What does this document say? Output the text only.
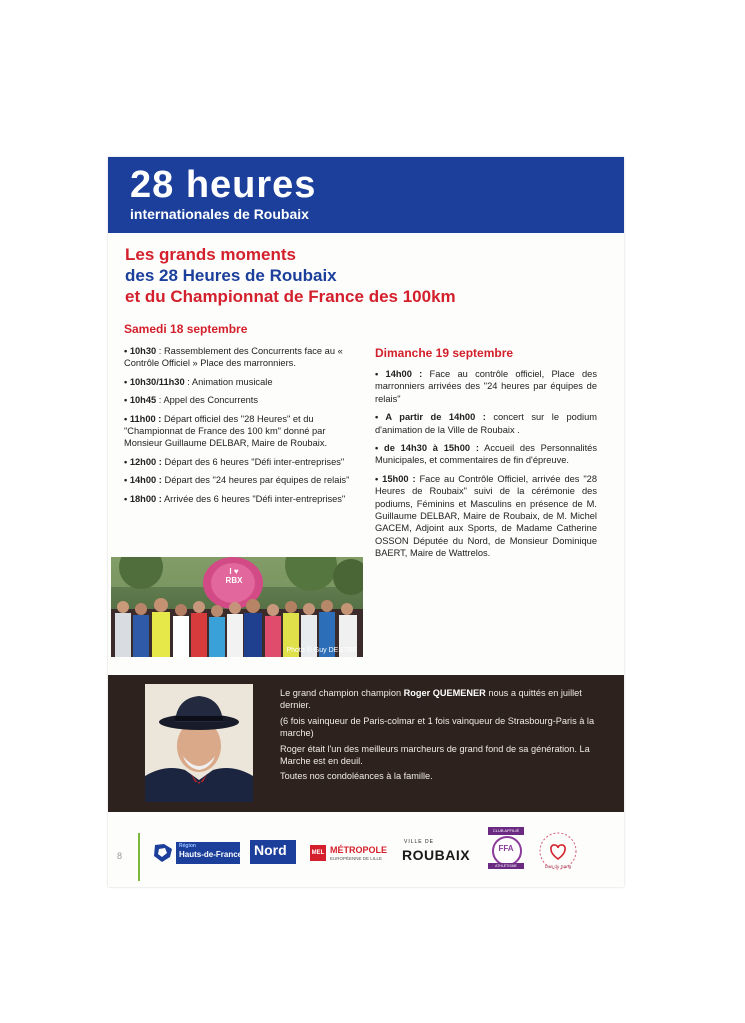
28 heures
internationales de Roubaix
Les grands moments
des 28 Heures de Roubaix
et du Championnat de France des 100km
Samedi 18 septembre
• 10h30 : Rassemblement des Concurrents face au « Contrôle Officiel » Place des marronniers.
• 10h30/11h30 : Animation musicale
• 10h45 : Appel des Concurrents
• 11h00 : Départ officiel des "28 Heures" et du "Championnat de France des 100 km" donné par Monsieur Guillaume DELBAR, Maire de Roubaix.
• 12h00 : Départ des 6 heures "Défi inter-entreprises"
• 14h00 : Départ des "24 heures par équipes de relais"
• 18h00 : Arrivée des 6 heures "Défi inter-entreprises"
I ♥ RBX
Photo © Guy DESTRE
Dimanche 19 septembre
• 14h00 : Face au contrôle officiel, Place des marronniers arrivées des "24 heures par équipes de relais"
• A partir de 14h00 : concert sur le podium d'animation de la Ville de Roubaix .
• de 14h30 à 15h00 : Accueil des Personnalités Municipales, et commentaires de fin d'épreuve.
• 15h00 : Face au Contrôle Officiel, arrivée des "28 Heures de Roubaix" suivi de la cérémonie des podiums, Féminins et Masculins en présence de M. Guillaume DELBAR, Maire de Roubaix, de M. Michel GACEM, Adjoint aux Sports, de Madame Catherine OSSON Députée du Nord, de Monsieur Dominique BAERT, Maire de Wattrelos.

Le grand champion champion Roger QUEMENER nous a quittés en juillet dernier.

(6 fois vainqueur de Paris-colmar et 1 fois vainqueur de Strasbourg-Paris à la marche)

Roger était l'un des meilleurs marcheurs de grand fond de sa génération. La Marche est en deuil.

Toutes nos condoléances à la famille.

8
Région
Hauts-de-France Nord	MEL MÉTROPOLE
EUROPÉENNE DE LILLE
VILLE DE
ROUBAIX
CLUB AFFILIÉ
FFA
ATHLÉTISME	Don du Sang
